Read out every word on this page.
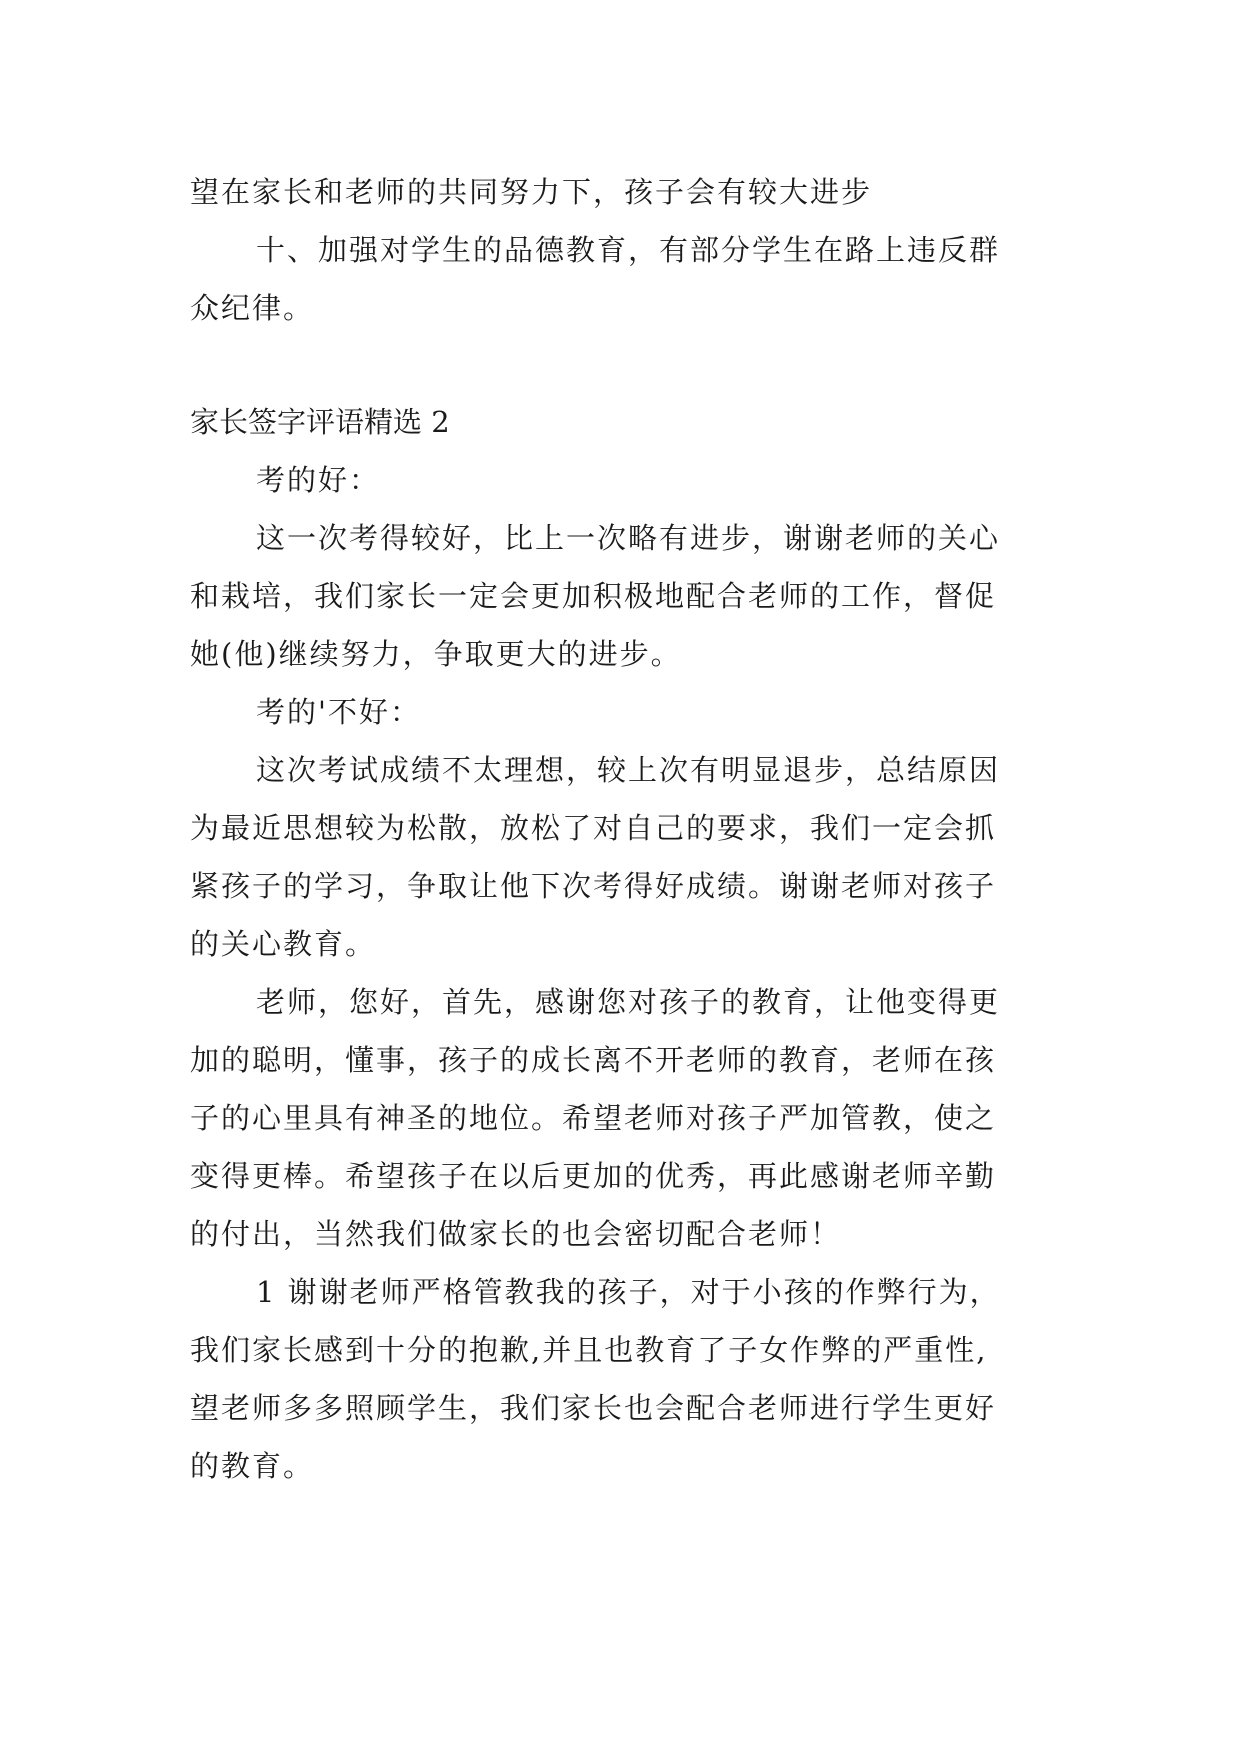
望在家长和老师的共同努力下，孩子会有较大进步
十、加强对学生的品德教育，有部分学生在路上违反群
众纪律。
家长签字评语精选 2
考的好：
这一次考得较好，比上一次略有进步，谢谢老师的关心
和栽培，我们家长一定会更加积极地配合老师的工作，督促
她(他)继续努力，争取更大的进步。
考的'不好：
这次考试成绩不太理想，较上次有明显退步，总结原因
为最近思想较为松散，放松了对自己的要求，我们一定会抓
紧孩子的学习，争取让他下次考得好成绩。谢谢老师对孩子
的关心教育。
老师，您好，首先，感谢您对孩子的教育，让他变得更
加的聪明，懂事，孩子的成长离不开老师的教育，老师在孩
子的心里具有神圣的地位。希望老师对孩子严加管教，使之
变得更棒。希望孩子在以后更加的优秀，再此感谢老师辛勤
的付出，当然我们做家长的也会密切配合老师！
1 谢谢老师严格管教我的孩子，对于小孩的作弊行为，
我们家长感到十分的抱歉,并且也教育了子女作弊的严重性,
望老师多多照顾学生，我们家长也会配合老师进行学生更好
的教育。
